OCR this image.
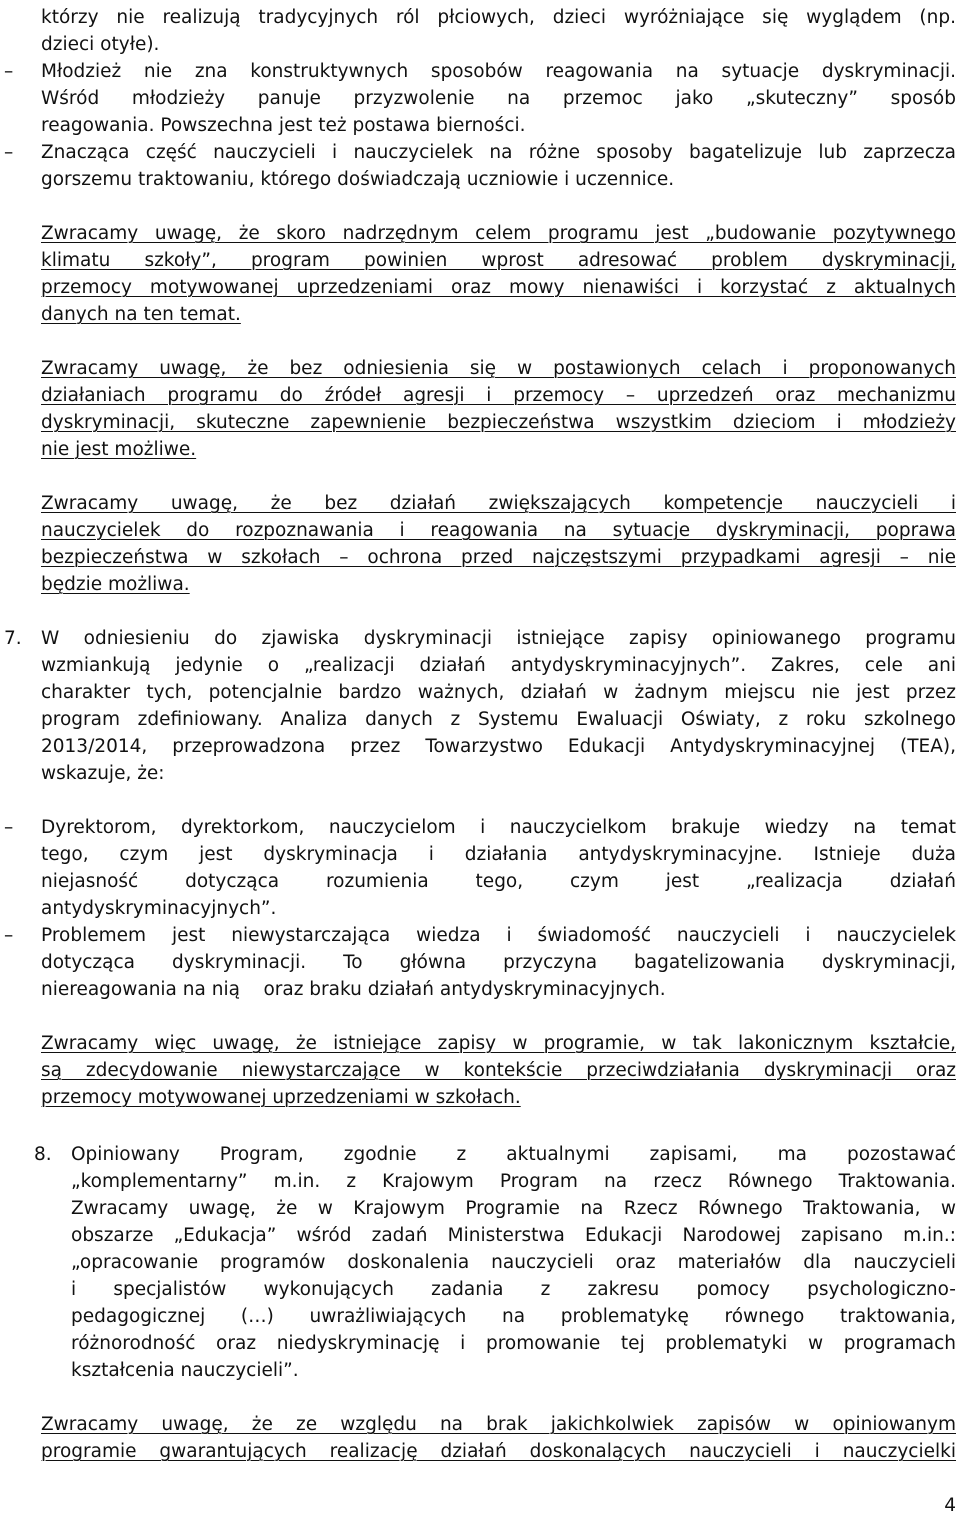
którzy nie realizują tradycyjnych ról płciowych, dzieci wyróżniające się wyglądem (np.
dzieci otyłe).
–	Młodzież nie zna konstruktywnych sposobów reagowania na sytuacje dyskryminacji.
Wśród młodzieży panuje przyzwolenie na przemoc jako „skuteczny” sposób
reagowania. Powszechna jest też postawa bierności.
–	Znacząca część nauczycieli i nauczycielek na różne sposoby bagatelizuje lub zaprzecza
gorszemu traktowaniu, którego doświadczają uczniowie i uczennice.
Zwracamy uwagę, że skoro nadrzędnym celem programu jest „budowanie pozytywnego
klimatu szkoły”, program powinien wprost adresować problem dyskryminacji,
przemocy motywowanej uprzedzeniami oraz mowy nienawiści i korzystać z aktualnych
danych na ten temat.
Zwracamy uwagę, że bez odniesienia się w postawionych celach i proponowanych
działaniach programu do źródeł agresji i przemocy – uprzedzeń oraz mechanizmu
dyskryminacji, skuteczne zapewnienie bezpieczeństwa wszystkim dzieciom i młodzieży
nie jest możliwe.
Zwracamy uwagę, że bez działań zwiększających kompetencje nauczycieli i
nauczycielek do rozpoznawania i reagowania na sytuacje dyskryminacji, poprawa
bezpieczeństwa w szkołach – ochrona przed najczęstszymi przypadkami agresji – nie
będzie możliwa.
7. W odniesieniu do zjawiska dyskryminacji istniejące zapisy opiniowanego programu
wzmiankują jedynie o „realizacji działań antydyskryminacyjnych”. Zakres, cele ani
charakter tych, potencjalnie bardzo ważnych, działań w żadnym miejscu nie jest przez
program zdefiniowany. Analiza danych z Systemu Ewaluacji Oświaty, z roku szkolnego
2013/2014, przeprowadzona przez Towarzystwo Edukacji Antydyskryminacyjnej (TEA),
wskazuje, że:
–	Dyrektorom, dyrektorkom, nauczycielom i nauczycielkom brakuje wiedzy na temat
tego, czym jest dyskryminacja i działania antydyskryminacyjne. Istnieje duża
niejasność dotycząca rozumienia tego, czym jest „realizacja działań
antydyskryminacyjnych”.
–	Problemem jest niewystarczająca wiedza i świadomość nauczycieli i nauczycielek
dotycząca dyskryminacji. To główna przyczyna bagatelizowania dyskryminacji,
niereagowania na nią    oraz braku działań antydyskryminacyjnych.
Zwracamy więc uwagę, że istniejące zapisy w programie, w tak lakonicznym kształcie,
są zdecydowanie niewystarczające w kontekście przeciwdziałania dyskryminacji oraz
przemocy motywowanej uprzedzeniami w szkołach.
8. Opiniowany Program, zgodnie z aktualnymi zapisami, ma pozostawać
„komplementarny” m.in. z Krajowym Program na rzecz Równego Traktowania.
Zwracamy uwagę, że w Krajowym Programie na Rzecz Równego Traktowania, w
obszarze „Edukacja” wśród zadań Ministerstwa Edukacji Narodowej zapisano m.in.:
„opracowanie programów doskonalenia nauczycieli oraz materiałów dla nauczycieli
i specjalistów wykonujących zadania z zakresu pomocy psychologiczno-
pedagogicznej (…) uwrażliwiających na problematykę równego traktowania,
różnorodność oraz niedyskryminację i promowanie tej problematyki w programach
kształcenia nauczycieli”.
Zwracamy uwagę, że ze względu na brak jakichkolwiek zapisów w opiniowanym
programie gwarantujących realizację działań doskonalących nauczycieli i nauczycielki
4
